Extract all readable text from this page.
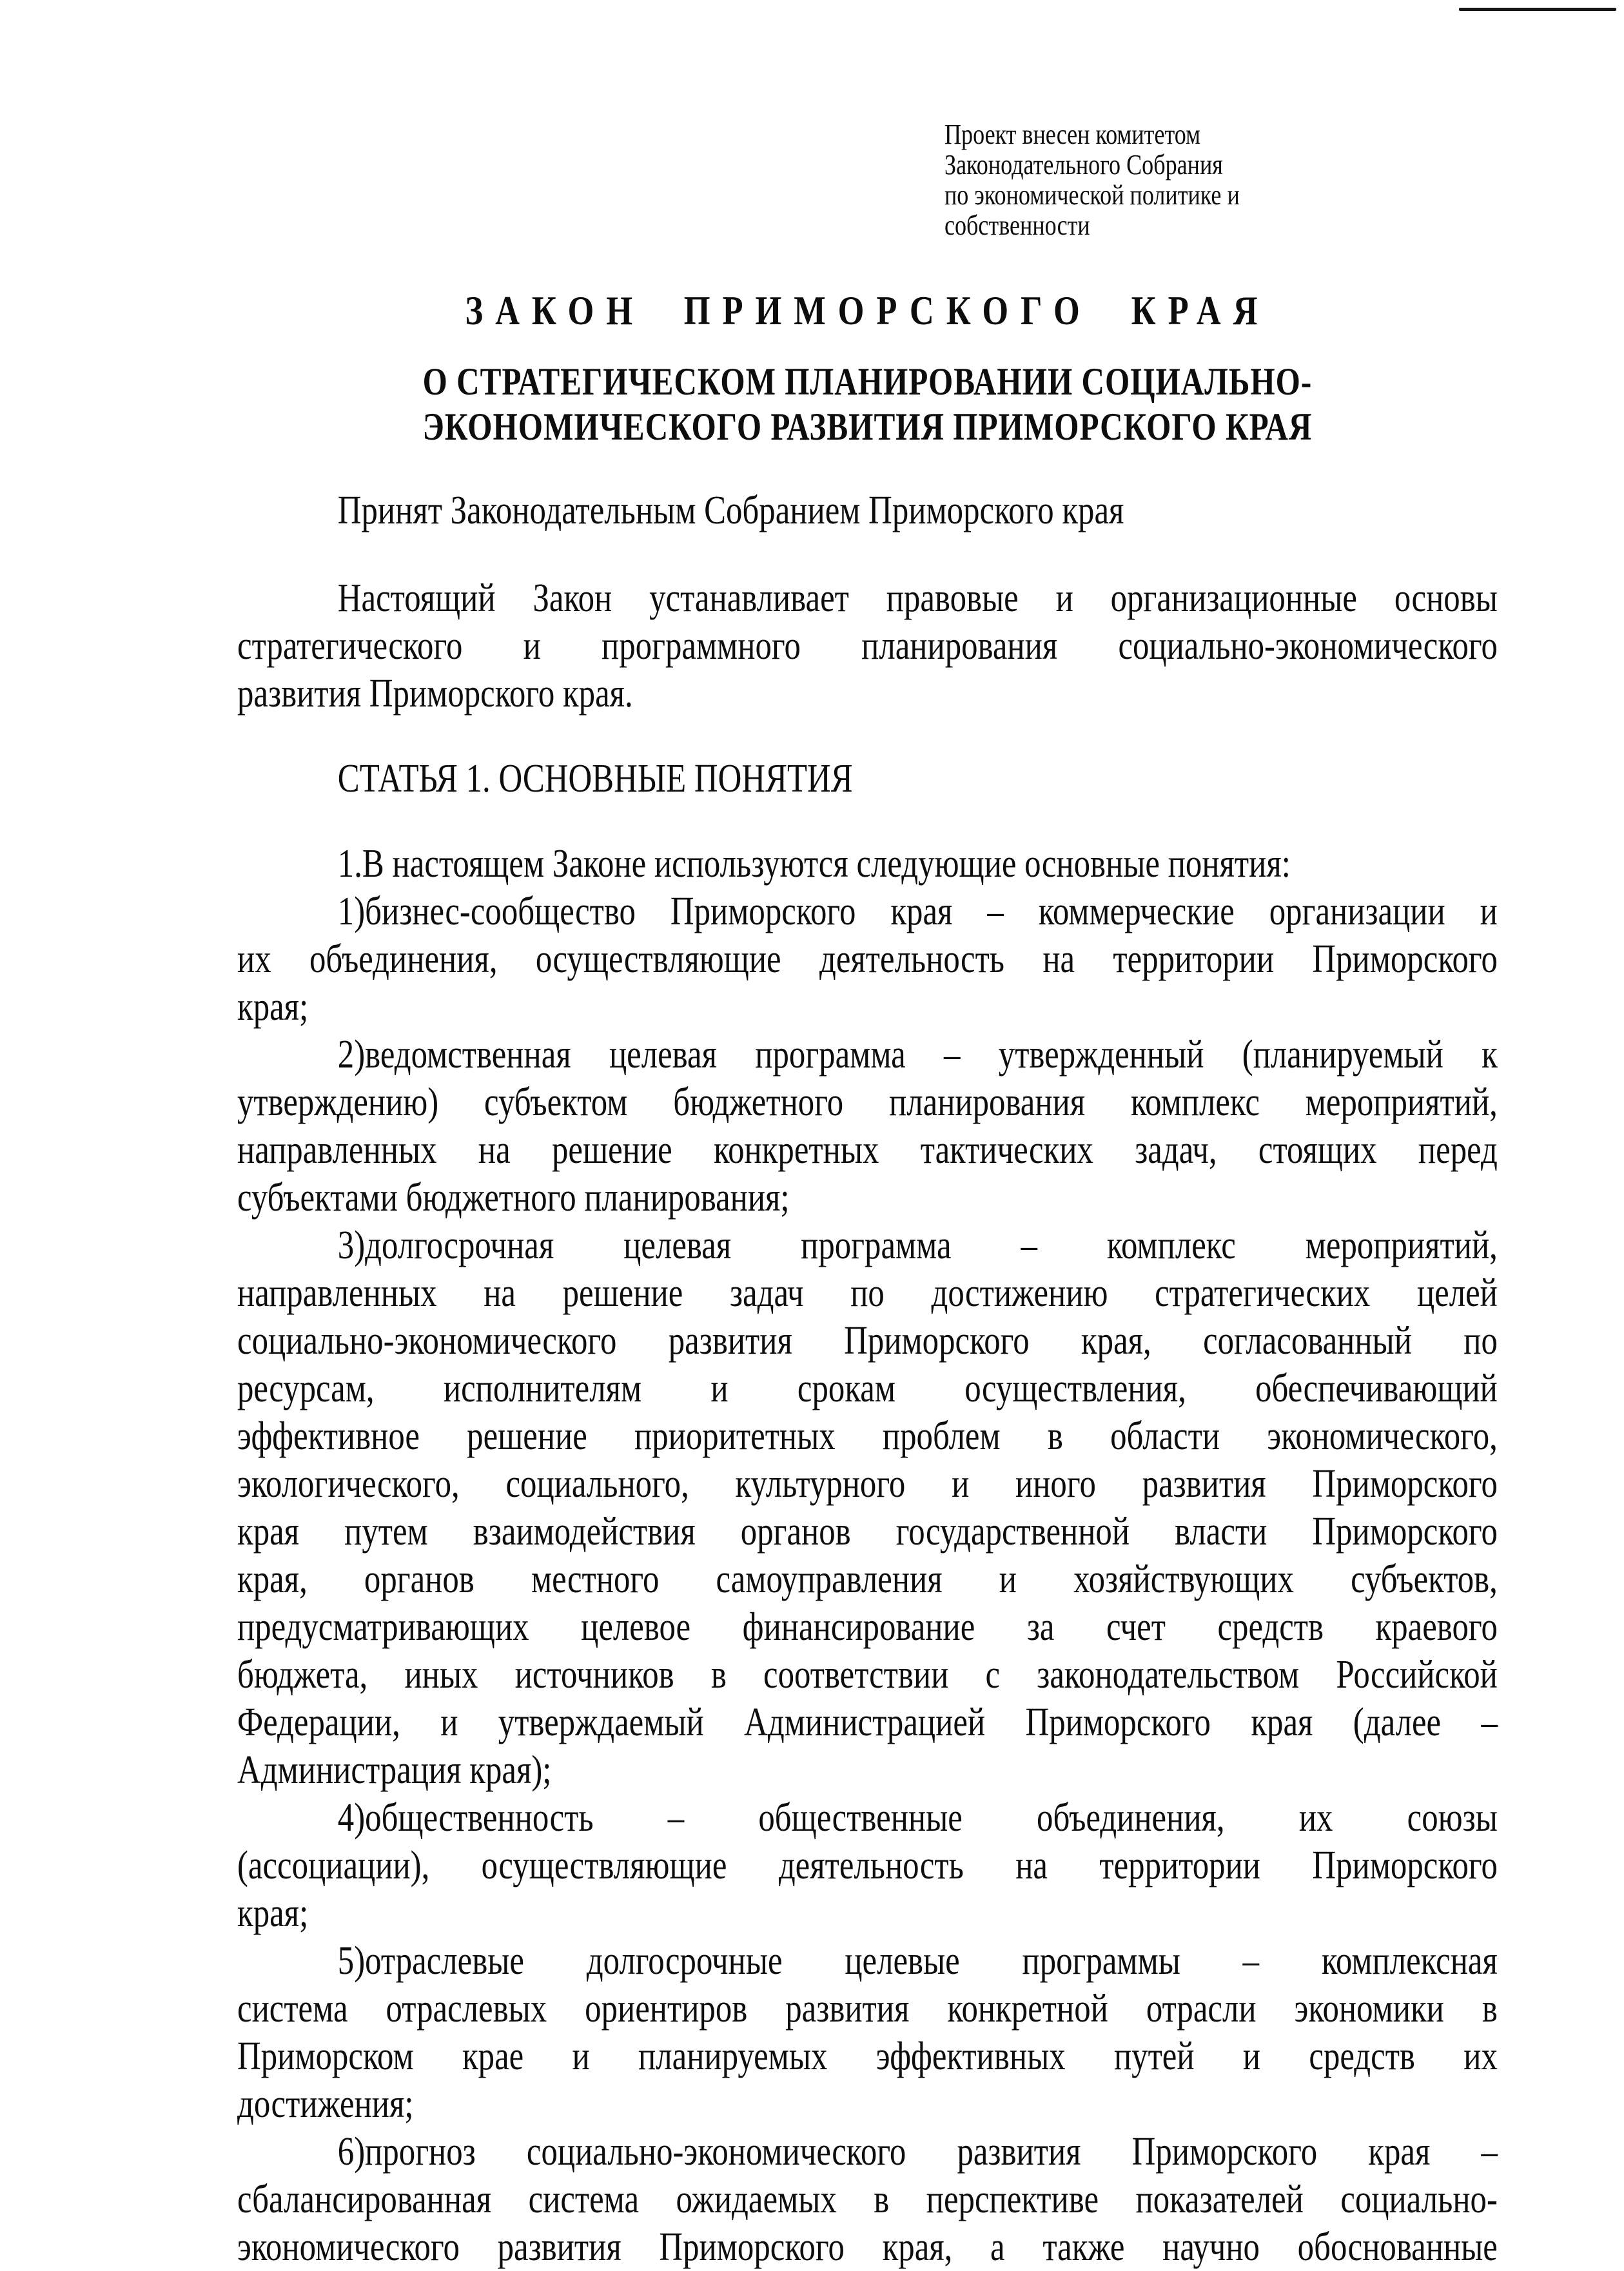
Проект внесен комитетом
Законодательного Собрания
по экономической политике и
собственности
ЗАКОН ПРИМОРСКОГО КРАЯ
О СТРАТЕГИЧЕСКОМ ПЛАНИРОВАНИИ СОЦИАЛЬНО-
ЭКОНОМИЧЕСКОГО РАЗВИТИЯ ПРИМОРСКОГО КРАЯ
Принят Законодательным Собранием Приморского края
Настоящий Закон устанавливает правовые и организационные основы
стратегического и программного планирования социально-экономического
развития Приморского края.
СТАТЬЯ 1. ОСНОВНЫЕ ПОНЯТИЯ
1.В настоящем Законе используются следующие основные понятия:
1)бизнес-сообщество Приморского края – коммерческие организации и
их объединения, осуществляющие деятельность на территории Приморского
края;
2)ведомственная целевая программа – утвержденный (планируемый к
утверждению) субъектом бюджетного планирования комплекс мероприятий,
направленных на решение конкретных тактических задач, стоящих перед
субъектами бюджетного планирования;
3)долгосрочная целевая программа – комплекс мероприятий,
направленных на решение задач по достижению стратегических целей
социально-экономического развития Приморского края, согласованный по
ресурсам, исполнителям и срокам осуществления, обеспечивающий
эффективное решение приоритетных проблем в области экономического,
экологического, социального, культурного и иного развития Приморского
края путем взаимодействия органов государственной власти Приморского
края, органов местного самоуправления и хозяйствующих субъектов,
предусматривающих целевое финансирование за счет средств краевого
бюджета, иных источников в соответствии с законодательством Российской
Федерации, и утверждаемый Администрацией Приморского края (далее –
Администрация края);
4)общественность – общественные объединения, их союзы
(ассоциации), осуществляющие деятельность на территории Приморского
края;
5)отраслевые долгосрочные целевые программы – комплексная
система отраслевых ориентиров развития конкретной отрасли экономики в
Приморском крае и планируемых эффективных путей и средств их
достижения;
6)прогноз социально-экономического развития Приморского края –
сбалансированная система ожидаемых в перспективе показателей социально-
экономического развития Приморского края, а также научно обоснованные
